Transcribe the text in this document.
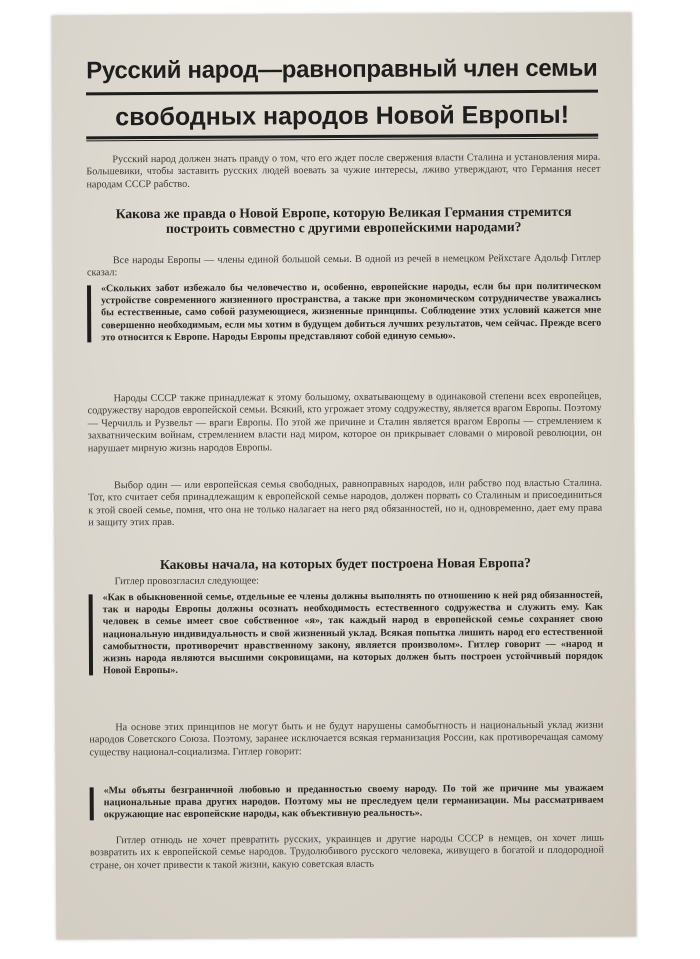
Русский народ—равноправный член семьи
свободных народов Новой Европы!
Русский народ должен знать правду о том, что его ждет после свержения власти Сталина и установления мира. Большевики, чтобы заставить русских людей воевать за чужие интересы, лживо утверждают, что Германия несет народам СССР рабство.
Какова же правда о Новой Европе, которую Великая Германия стремится построить совместно с другими европейскими народами?
Все народы Европы — члены единой большой семьи. В одной из речей в немецком Рейхстаге Адольф Гитлер сказал:
«Скольких забот избежало бы человечество и, особенно, европейские народы, если бы при политическом устройстве современного жизненного пространства, а также при экономическом сотрудничестве уважались бы естественные, само собой разумеющиеся, жизненные принципы. Соблюдение этих условий кажется мне совершенно необходимым, если мы хотим в будущем добиться лучших результатов, чем сейчас. Прежде всего это относится к Европе. Народы Европы представляют собой единую семью».
Народы СССР также принадлежат к этому большому, охватывающему в одинаковой степени всех европейцев, содружеству народов европейской семьи. Всякий, кто угрожает этому содружеству, является врагом Европы. Поэтому — Черчилль и Рузвельт — враги Европы. По этой же причине и Сталин является врагом Европы — стремлением к захватническим войнам, стремлением власти над миром, которое он прикрывает словами о мировой революции, он нарушает мирную жизнь народов Европы.
Выбор один — или европейская семья свободных, равноправных народов, или рабство под властью Сталина. Тот, кто считает себя принадлежащим к европейской семье народов, должен порвать со Сталиным и присоединиться к этой своей семье, помня, что она не только налагает на него ряд обязанностей, но и, одновременно, дает ему права и защиту этих прав.
Каковы начала, на которых будет построена Новая Европа?
Гитлер провозгласил следующее:
«Как в обыкновенной семье, отдельные ее члены должны выполнять по отношению к ней ряд обязанностей, так и народы Европы должны осознать необходимость естественного содружества и служить ему. Как человек в семье имеет свое собственное «я», так каждый народ в европейской семье сохраняет свою национальную индивидуальность и свой жизненный уклад. Всякая попытка лишить народ его естественной самобытности, противоречит нравственному закону, является произволом». Гитлер говорит — «народ и жизнь народа являются высшими сокровищами, на которых должен быть построен устойчивый порядок Новой Европы».
На основе этих принципов не могут быть и не будут нарушены самобытность и национальный уклад жизни народов Советского Союза. Поэтому, заранее исключается всякая германизация России, как противоречащая самому существу национал-социализма. Гитлер говорит:
«Мы объяты безграничной любовью и преданностью своему народу. По той же причине мы уважаем национальные права других народов. Поэтому мы не преследуем цели германизации. Мы рассматриваем окружающие нас европейские народы, как объективную реальность».
Гитлер отнюдь не хочет превратить русских, украинцев и другие народы СССР в немцев, он хочет лишь возвратить их к европейской семье народов. Трудолюбивого русского человека, живущего в богатой и плодородной стране, он хочет привести к такой жизни, какую советская власть
